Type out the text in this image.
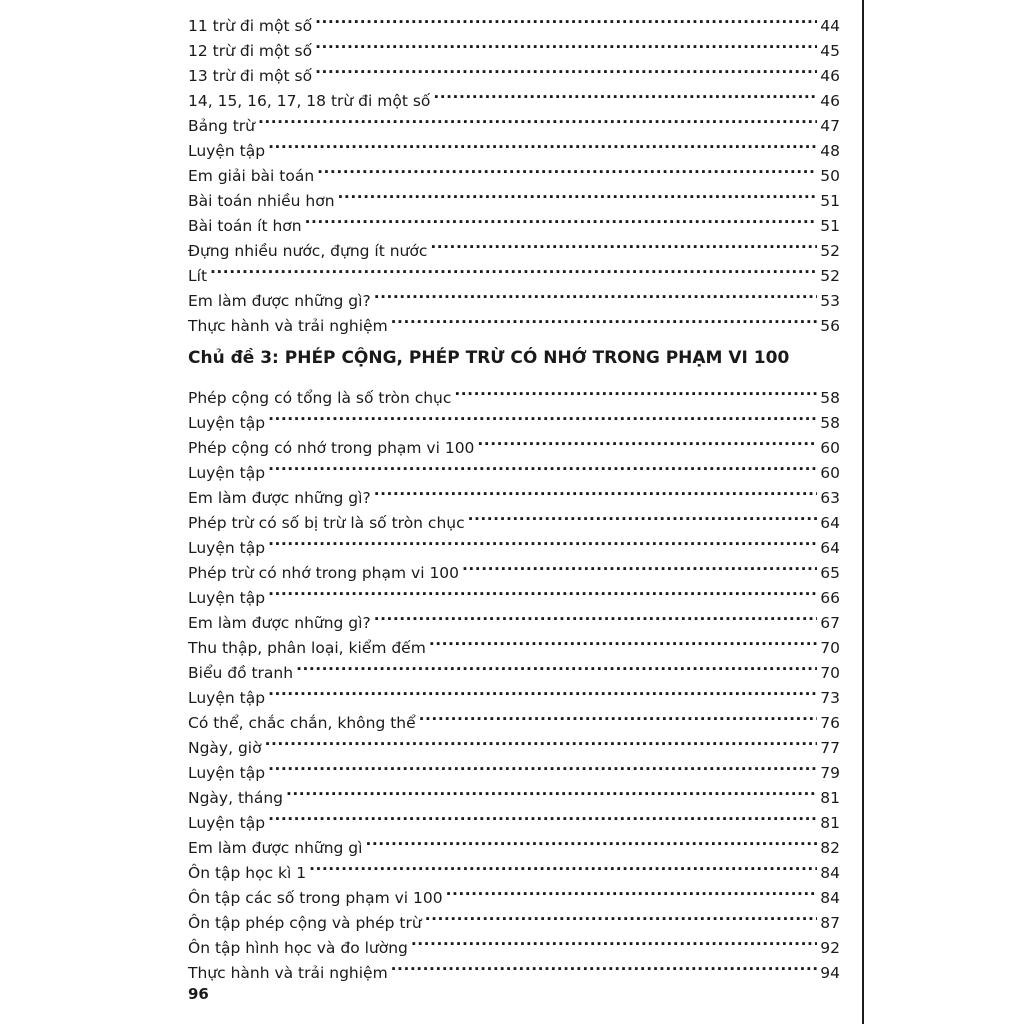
11 trừ đi một số .....	44
12 trừ đi một số .....	45
13 trừ đi một số .....	46
14, 15, 16, 17, 18 trừ đi một số .....	46
Bảng trừ .....	47
Luyện tập .....	48
Em giải bài toán .....	50
Bài toán nhiều hơn .....	51
Bài toán ít hơn .....	51
Đựng nhiều nước, đựng ít nước .....	52
Lít .....	52
Em làm được những gì? .....	53
Thực hành và trải nghiệm .....	56
Chủ đề 3: PHÉP CỘNG, PHÉP TRỪ CÓ NHỚ TRONG PHẠM VI 100
Phép cộng có tổng là số tròn chục .....	58
Luyện tập .....	58
Phép cộng có nhớ trong phạm vi 100 .....	60
Luyện tập .....	60
Em làm được những gì? .....	63
Phép trừ có số bị trừ là số tròn chục .....	64
Luyện tập .....	64
Phép trừ có nhớ trong phạm vi 100 .....	65
Luyện tập .....	66
Em làm được những gì? .....	67
Thu thập, phân loại, kiểm đếm .....	70
Biểu đồ tranh .....	70
Luyện tập .....	73
Có thể, chắc chắn, không thể .....	76
Ngày, giờ .....	77
Luyện tập .....	79
Ngày, tháng .....	81
Luyện tập .....	81
Em làm được những gì .....	82
Ôn tập học kì 1 .....	84
Ôn tập các số trong phạm vi 100 .....	84
Ôn tập phép cộng và phép trừ .....	87
Ôn tập hình học và đo lường .....	92
Thực hành và trải nghiệm .....	94
96
